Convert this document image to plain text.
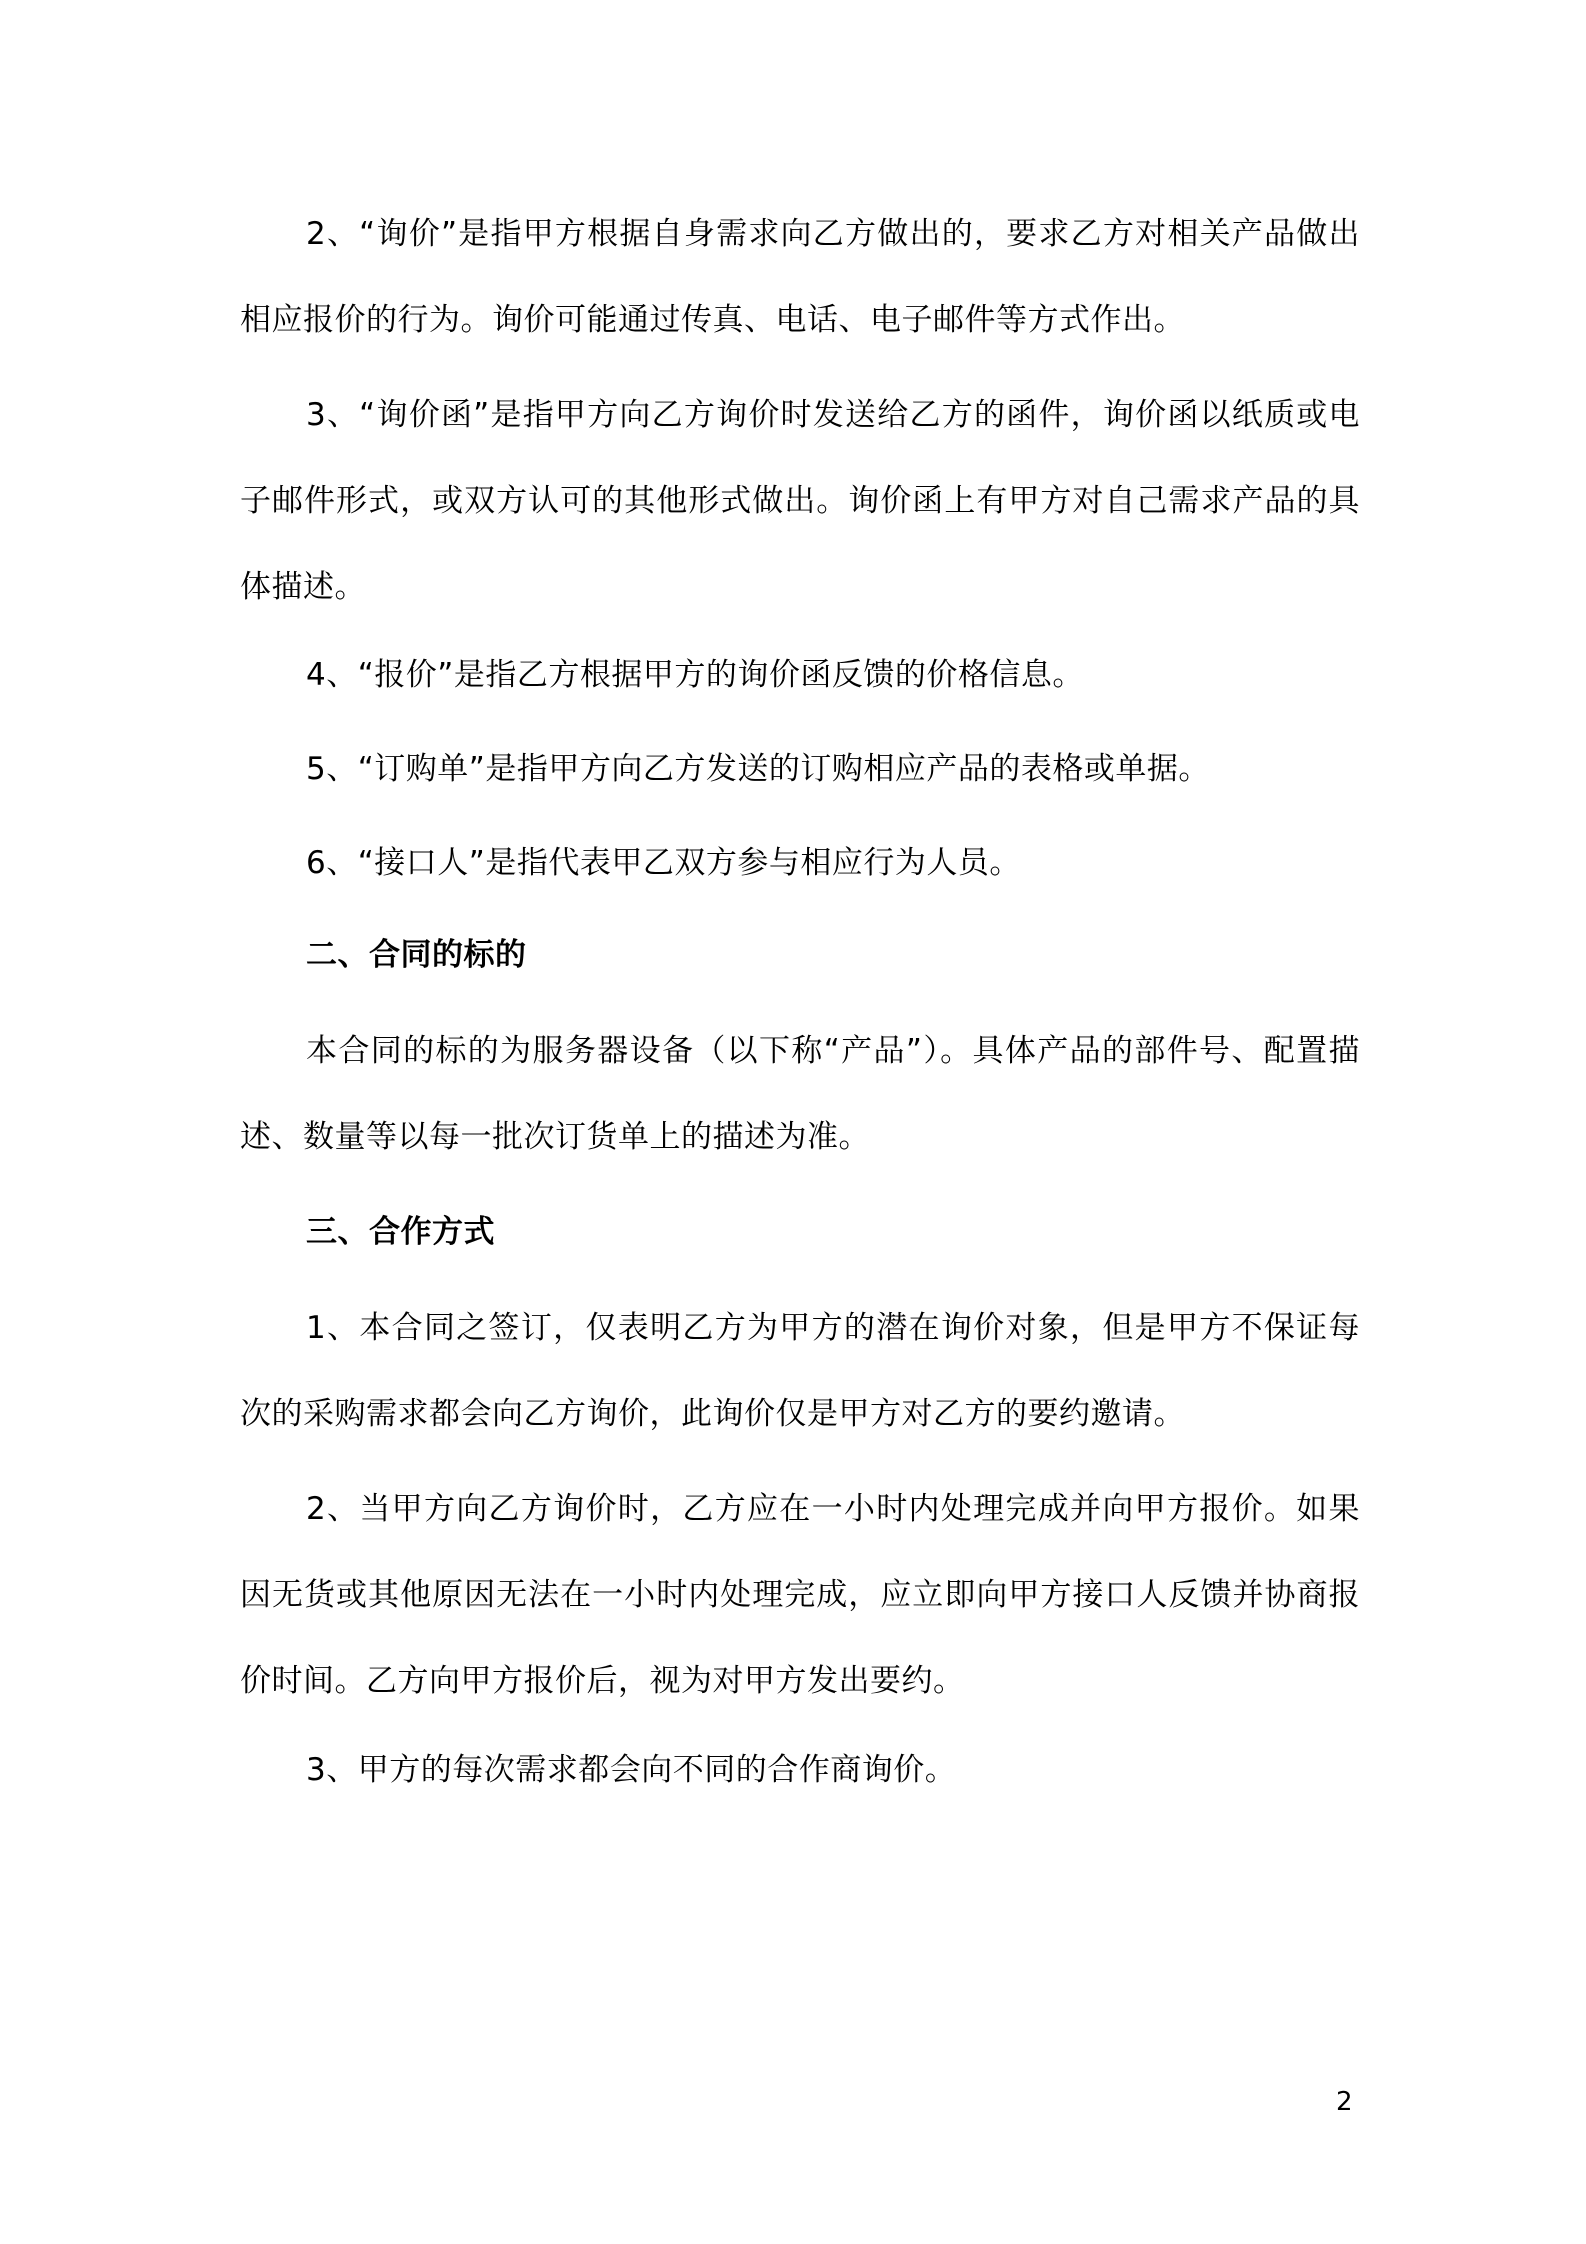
2、“询价”是指甲方根据自身需求向乙方做出的，要求乙方对相关产品做出相应报价的行为。询价可能通过传真、电话、电子邮件等方式作出。

3、“询价函”是指甲方向乙方询价时发送给乙方的函件，询价函以纸质或电子邮件形式，或双方认可的其他形式做出。询价函上有甲方对自己需求产品的具体描述。

4、“报价”是指乙方根据甲方的询价函反馈的价格信息。

5、“订购单”是指甲方向乙方发送的订购相应产品的表格或单据。

6、“接口人”是指代表甲乙双方参与相应行为人员。

二、合同的标的

本合同的标的为服务器设备（以下称“产品”）。具体产品的部件号、配置描述、数量等以每一批次订货单上的描述为准。

三、合作方式

1、本合同之签订，仅表明乙方为甲方的潜在询价对象，但是甲方不保证每次的采购需求都会向乙方询价，此询价仅是甲方对乙方的要约邀请。

2、当甲方向乙方询价时，乙方应在一小时内处理完成并向甲方报价。如果因无货或其他原因无法在一小时内处理完成，应立即向甲方接口人反馈并协商报价时间。乙方向甲方报价后，视为对甲方发出要约。

3、甲方的每次需求都会向不同的合作商询价。

2
